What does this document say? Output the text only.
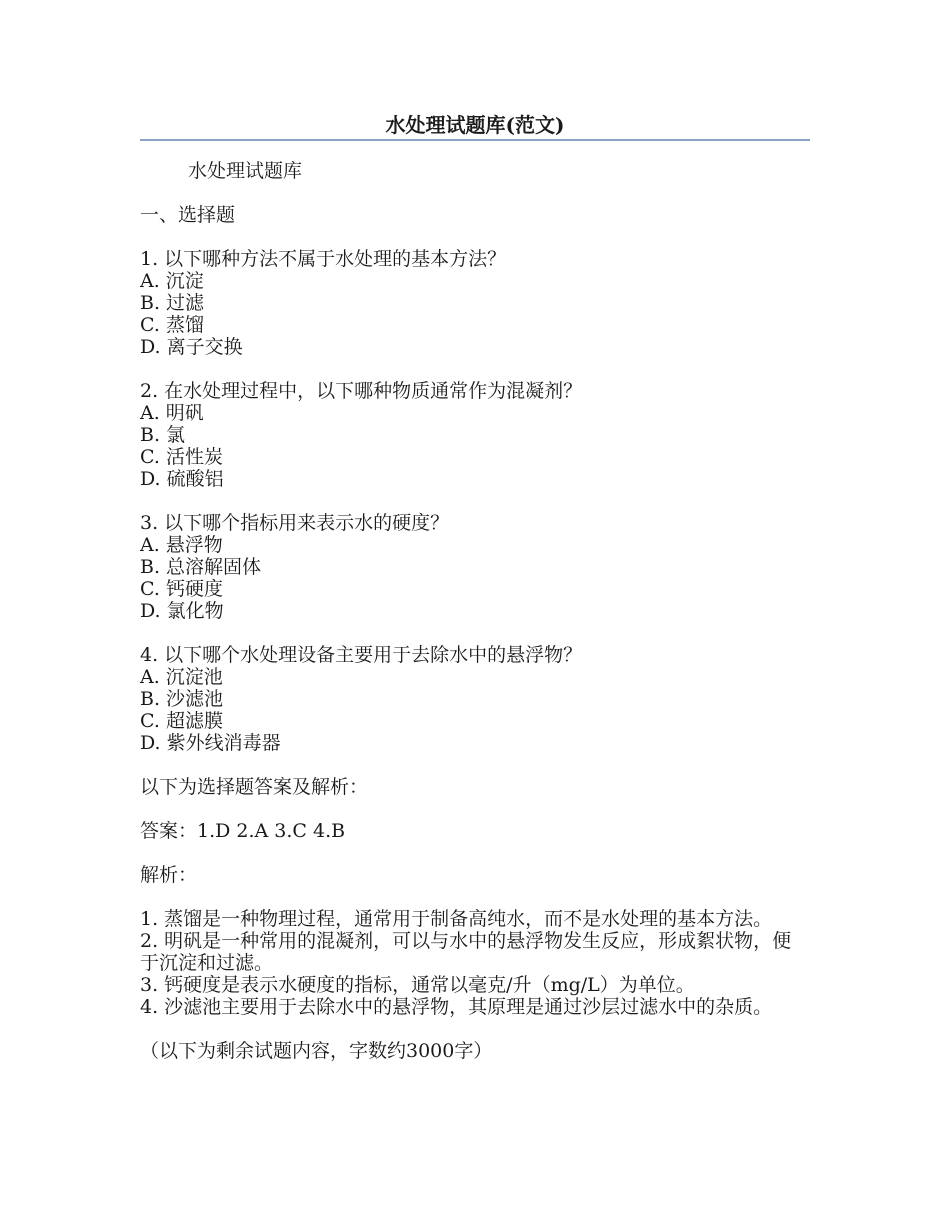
水处理试题库(范文)
水处理试题库
一、选择题
1. 以下哪种方法不属于水处理的基本方法？
A. 沉淀
B. 过滤
C. 蒸馏
D. 离子交换
2. 在水处理过程中，以下哪种物质通常作为混凝剂？
A. 明矾
B. 氯
C. 活性炭
D. 硫酸铝
3. 以下哪个指标用来表示水的硬度？
A. 悬浮物
B. 总溶解固体
C. 钙硬度
D. 氯化物
4. 以下哪个水处理设备主要用于去除水中的悬浮物？
A. 沉淀池
B. 沙滤池
C. 超滤膜
D. 紫外线消毒器
以下为选择题答案及解析：
答案：1.D 2.A 3.C 4.B
解析：
1. 蒸馏是一种物理过程，通常用于制备高纯水，而不是水处理的基本方法。
2. 明矾是一种常用的混凝剂，可以与水中的悬浮物发生反应，形成絮状物，便于沉淀和过滤。
3. 钙硬度是表示水硬度的指标，通常以毫克/升（mg/L）为单位。
4. 沙滤池主要用于去除水中的悬浮物，其原理是通过沙层过滤水中的杂质。
（以下为剩余试题内容，字数约3000字）
